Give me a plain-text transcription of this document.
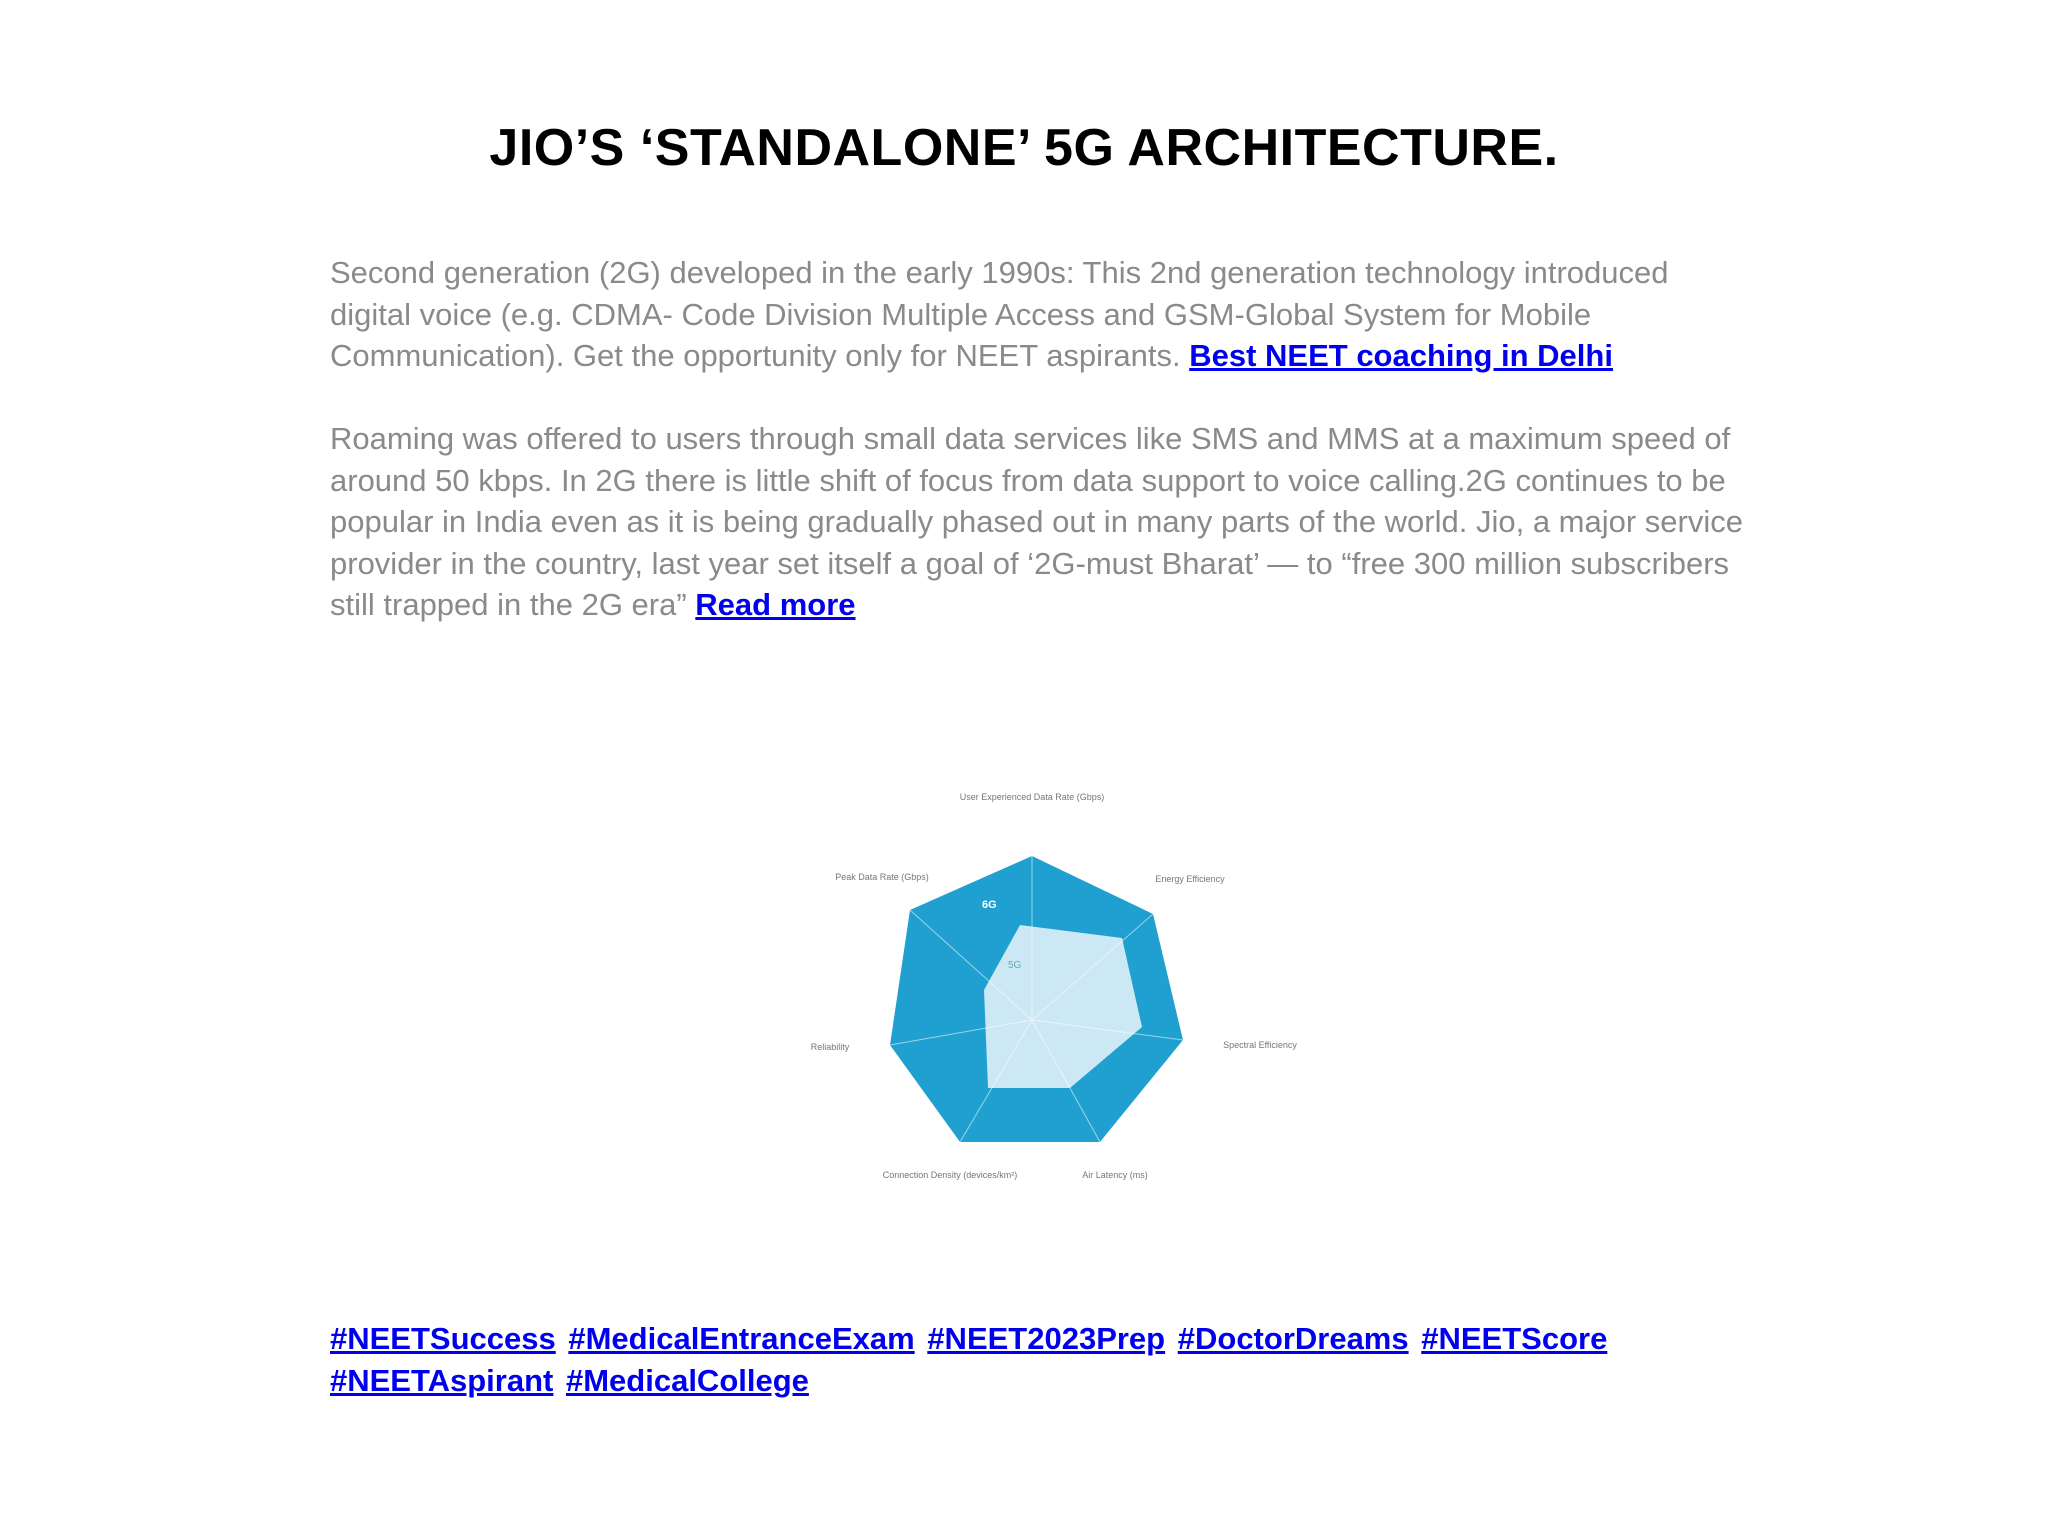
JIO’S ‘STANDALONE’ 5G ARCHITECTURE.

Second generation (2G) developed in the early 1990s: This 2nd generation technology introduced digital voice (e.g. CDMA- Code Division Multiple Access and GSM-Global System for Mobile Communication). Get the opportunity only for NEET aspirants. Best NEET coaching in Delhi

Roaming was offered to users through small data services like SMS and MMS at a maximum speed of around 50 kbps. In 2G there is little shift of focus from data support to voice calling.2G continues to be popular in India even as it is being gradually phased out in many parts of the world. Jio, a major service provider in the country, last year set itself a goal of ‘2G-must Bharat’ — to “free 300 million subscribers still trapped in the 2G era” Read more

6G
5G
User Experienced Data Rate (Gbps)
Energy Efficiency
Spectral Efficiency
Air Latency (ms)
Connection Density (devices/km²)
Reliability
Peak Data Rate (Gbps)

#NEETSuccess #MedicalEntranceExam #NEET2023Prep #DoctorDreams #NEETScore #NEETAspirant #MedicalCollege
